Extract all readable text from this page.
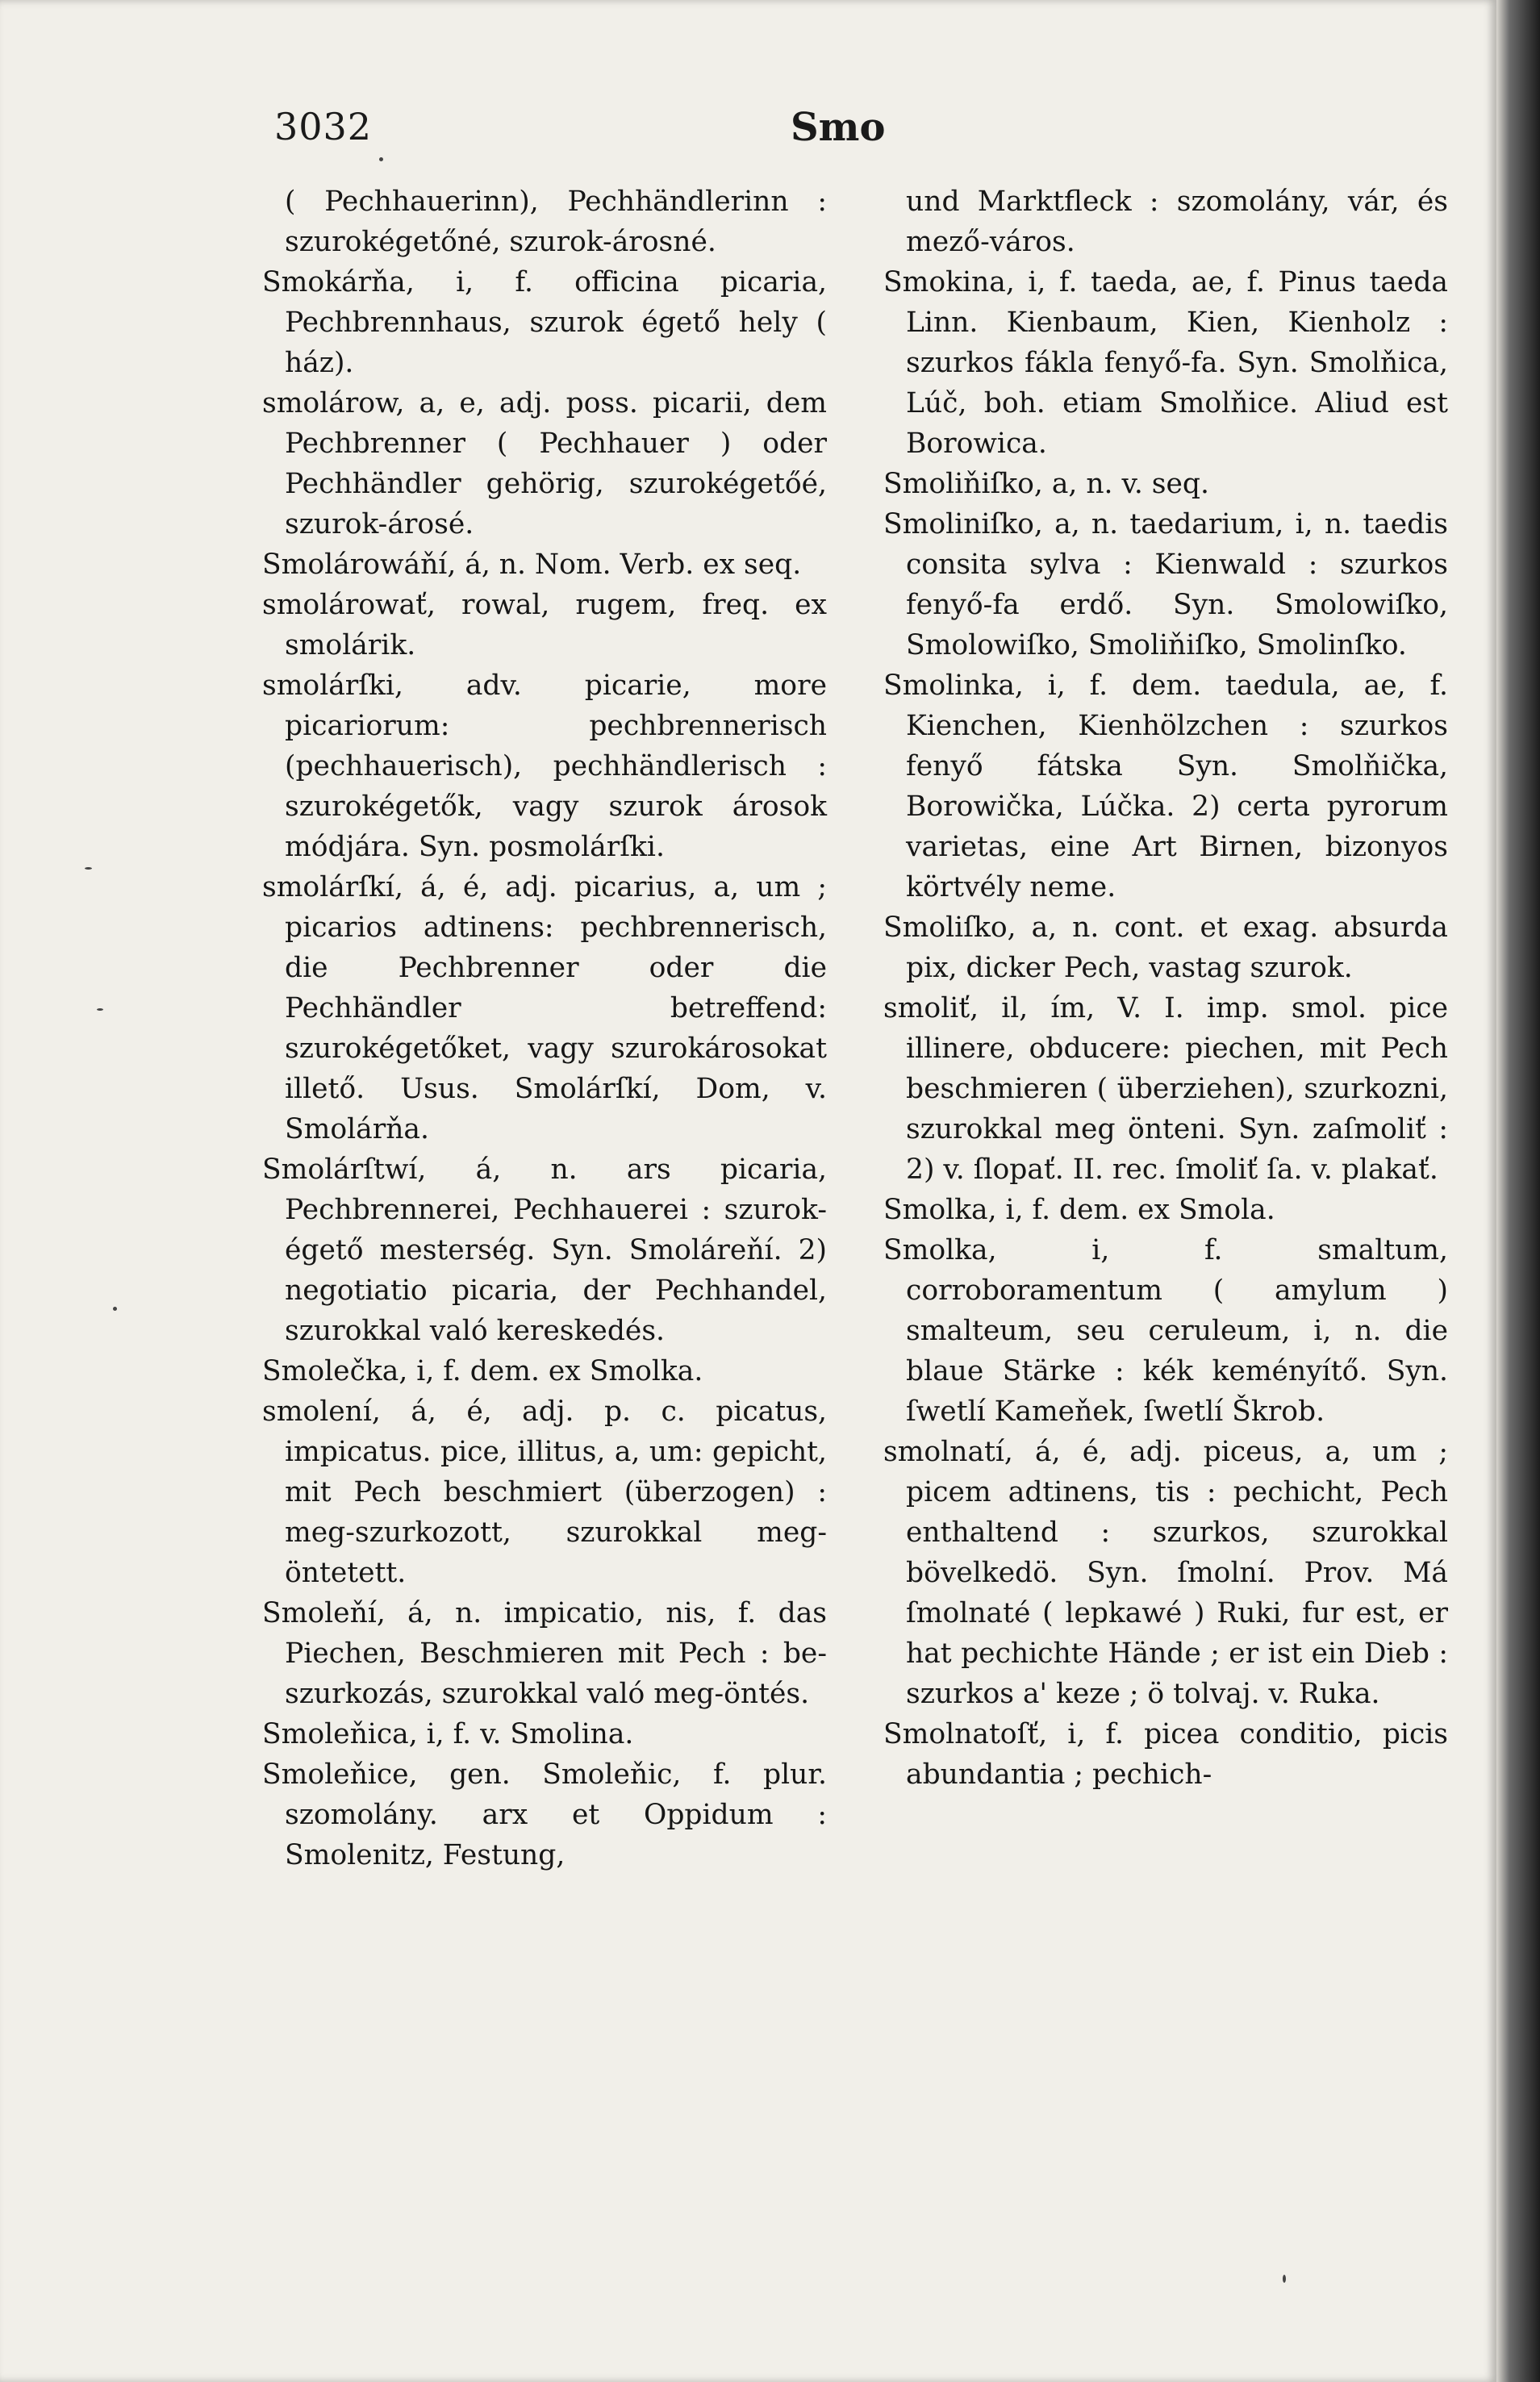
3032	Smo

( Pechhauerinn), Pechhändlerinn : szurokégetőné, szurok-árosné.

Smokárňa, i, f. officina picaria, Pechbrennhaus, szurok égető hely ( ház).

smolárow, a, e, adj. poss. picarii, dem Pechbrenner ( Pechhauer ) oder Pechhändler gehörig, szurokégetőé, szurok-árosé.

Smolárowáňí, á, n. Nom. Verb. ex seq.

smolárowať, rowal, rugem, freq. ex smolárik.

smolárſki, adv. picarie, more picariorum: pechbrennerisch (pechhauerisch), pechhändlerisch : szurokégetők, vagy szurok árosok módjára. Syn. posmolárſki.

smolárſkí, á, é, adj. picarius, a, um ; picarios adtinens: pechbrennerisch, die Pechbrenner oder die Pechhändler betreffend: szurokégetőket, vagy szurokárosokat illető. Usus. Smolárſkí, Dom, v. Smolárňa.

Smolárſtwí, á, n. ars picaria, Pechbrennerei, Pechhauerei : szurok-égető mesterség. Syn. Smoláreňí. 2) negotiatio picaria, der Pechhandel, szurokkal való kereskedés.

Smolečka, i, f. dem. ex Smolka.

smolení, á, é, adj. p. c. picatus, impicatus. pice, illitus, a, um: gepicht, mit Pech beschmiert (überzogen) : meg-szurkozott, szurokkal meg-öntetett.

Smoleňí, á, n. impicatio, nis, f. das Piechen, Beschmieren mit Pech : be-szurkozás, szurokkal való meg-öntés.

Smoleňica, i, f. v. Smolina.

Smoleňice, gen. Smoleňic, f. plur. szomolány. arx et Oppidum : Smolenitz, Festung,

und Marktfleck : szomolány, vár, és mező-város.

Smokina, i, f. taeda, ae, f. Pinus taeda Linn. Kienbaum, Kien, Kienholz : szurkos fákla fenyő-fa. Syn. Smolňica, Lúč, boh. etiam Smolňice. Aliud est Borowica.

Smoliňiſko, a, n. v. seq.

Smoliniſko, a, n. taedarium, i, n. taedis consita sylva : Kienwald : szurkos fenyő-fa erdő. Syn. Smolowiſko, Smolowiſko, Smoliňiſko, Smolinſko.

Smolinka, i, f. dem. taedula, ae, f. Kienchen, Kienhölzchen : szurkos fenyő fátska Syn. Smolňička, Borowička, Lúčka. 2) certa pyrorum varietas, eine Art Birnen, bizonyos körtvély neme.

Smoliſko, a, n. cont. et exag. absurda pix, dicker Pech, vastag szurok.

smoliť, il, ím, V. I. imp. smol. pice illinere, obducere: piechen, mit Pech beschmieren ( überziehen), szurkozni, szurokkal meg önteni. Syn. zaſmoliť : 2) v. ſlopať. II. rec. ſmoliť ſa. v. plakať.

Smolka, i, f. dem. ex Smola.

Smolka, i, f. smaltum, corroboramentum ( amylum ) smalteum, seu ceruleum, i, n. die blaue Stärke : kék keményítő. Syn. ſwetlí Kameňek, ſwetlí Škrob.

smolnatí, á, é, adj. piceus, a, um ; picem adtinens, tis : pechicht, Pech enthaltend : szurkos, szurokkal bövelkedö. Syn. ſmolní. Prov. Má ſmolnaté ( lepkawé ) Ruki, fur est, er hat pechichte Hände ; er ist ein Dieb : szurkos a' keze ; ö tolvaj. v. Ruka.

Smolnatoſť, i, f. picea conditio, picis abundantia ; pechich-
